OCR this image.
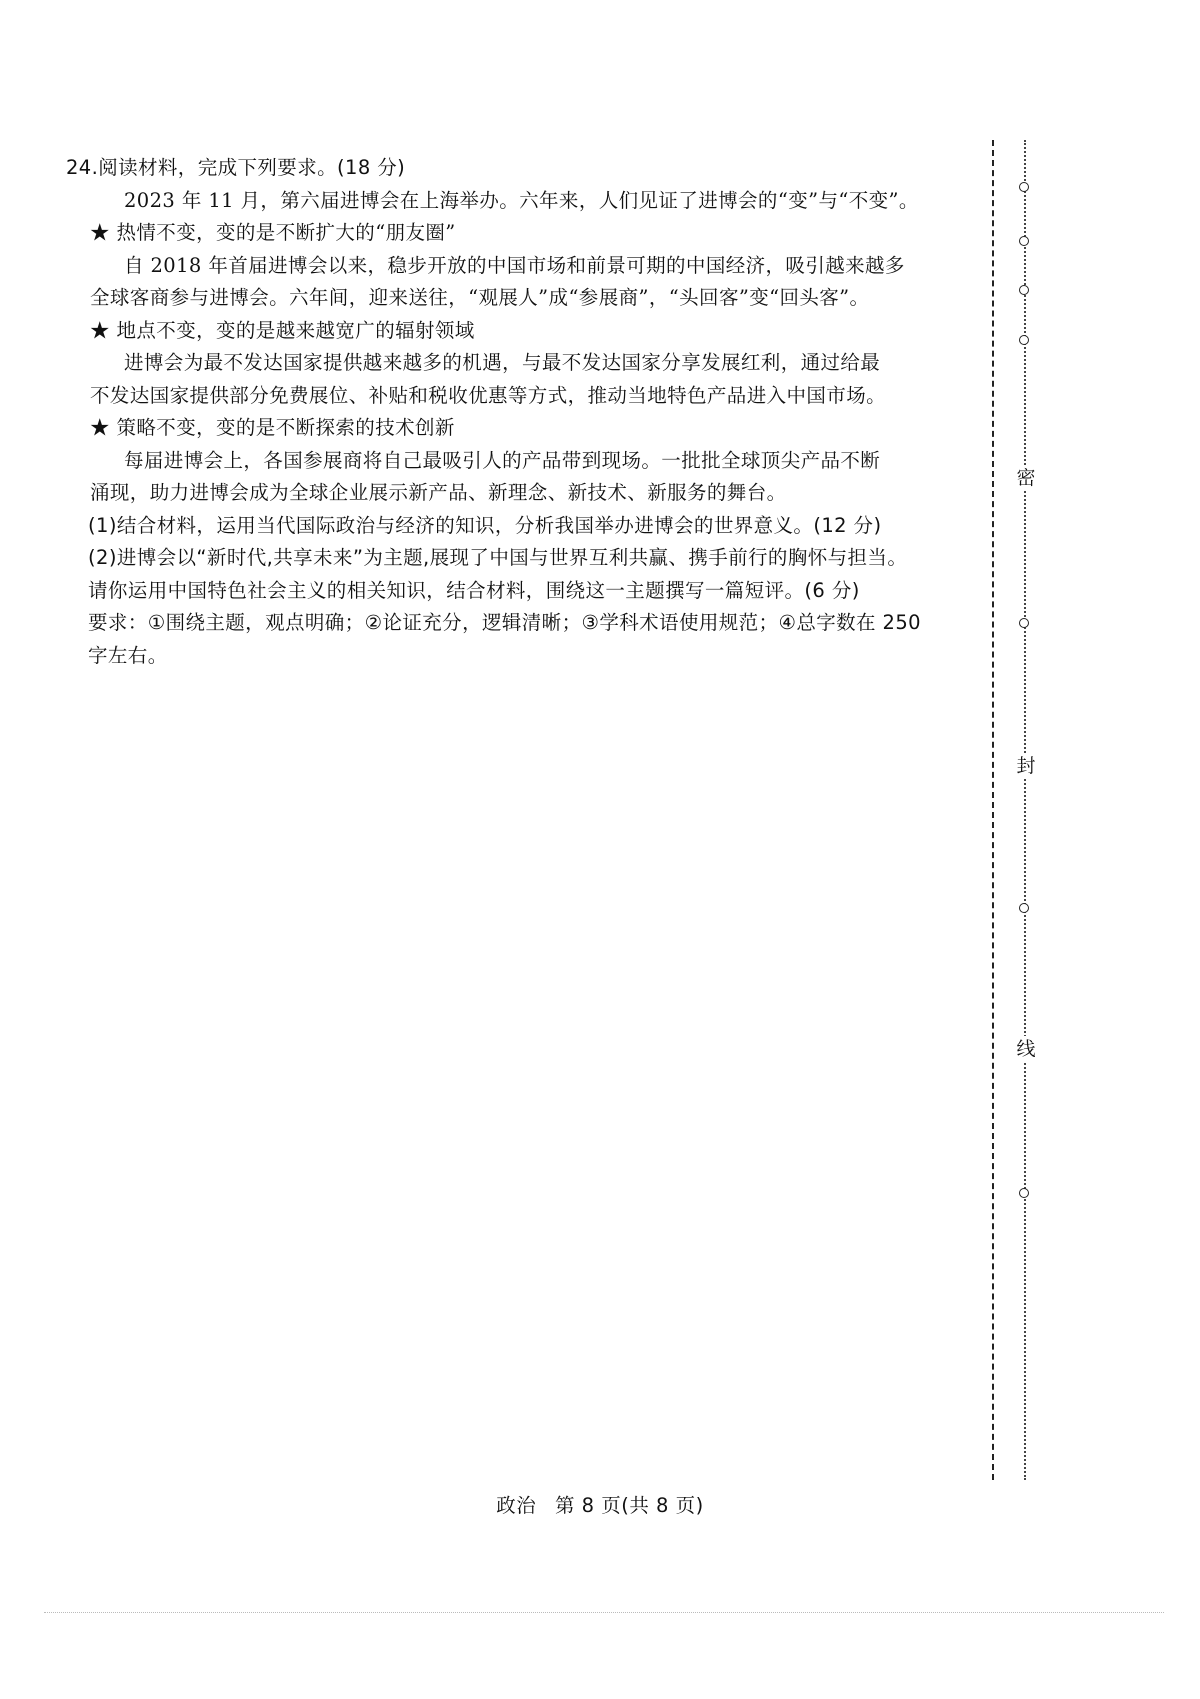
24.阅读材料，完成下列要求。(18 分)
2023 年 11 月，第六届进博会在上海举办。六年来，人们见证了进博会的“变”与“不变”。
★ 热情不变，变的是不断扩大的“朋友圈”
自 2018 年首届进博会以来，稳步开放的中国市场和前景可期的中国经济，吸引越来越多
全球客商参与进博会。六年间，迎来送往，“观展人”成“参展商”，“头回客”变“回头客”。
★ 地点不变，变的是越来越宽广的辐射领域
进博会为最不发达国家提供越来越多的机遇，与最不发达国家分享发展红利，通过给最
不发达国家提供部分免费展位、补贴和税收优惠等方式，推动当地特色产品进入中国市场。
★ 策略不变，变的是不断探索的技术创新
每届进博会上，各国参展商将自己最吸引人的产品带到现场。一批批全球顶尖产品不断
涌现，助力进博会成为全球企业展示新产品、新理念、新技术、新服务的舞台。
(1)结合材料，运用当代国际政治与经济的知识，分析我国举办进博会的世界意义。(12 分)
(2)进博会以“新时代,共享未来”为主题,展现了中国与世界互利共赢、携手前行的胸怀与担当。
请你运用中国特色社会主义的相关知识，结合材料，围绕这一主题撰写一篇短评。(6 分)
要求：①围绕主题，观点明确；②论证充分，逻辑清晰；③学科术语使用规范；④总字数在 250
字左右。
密
封
线
政治 第 8 页(共 8 页)
